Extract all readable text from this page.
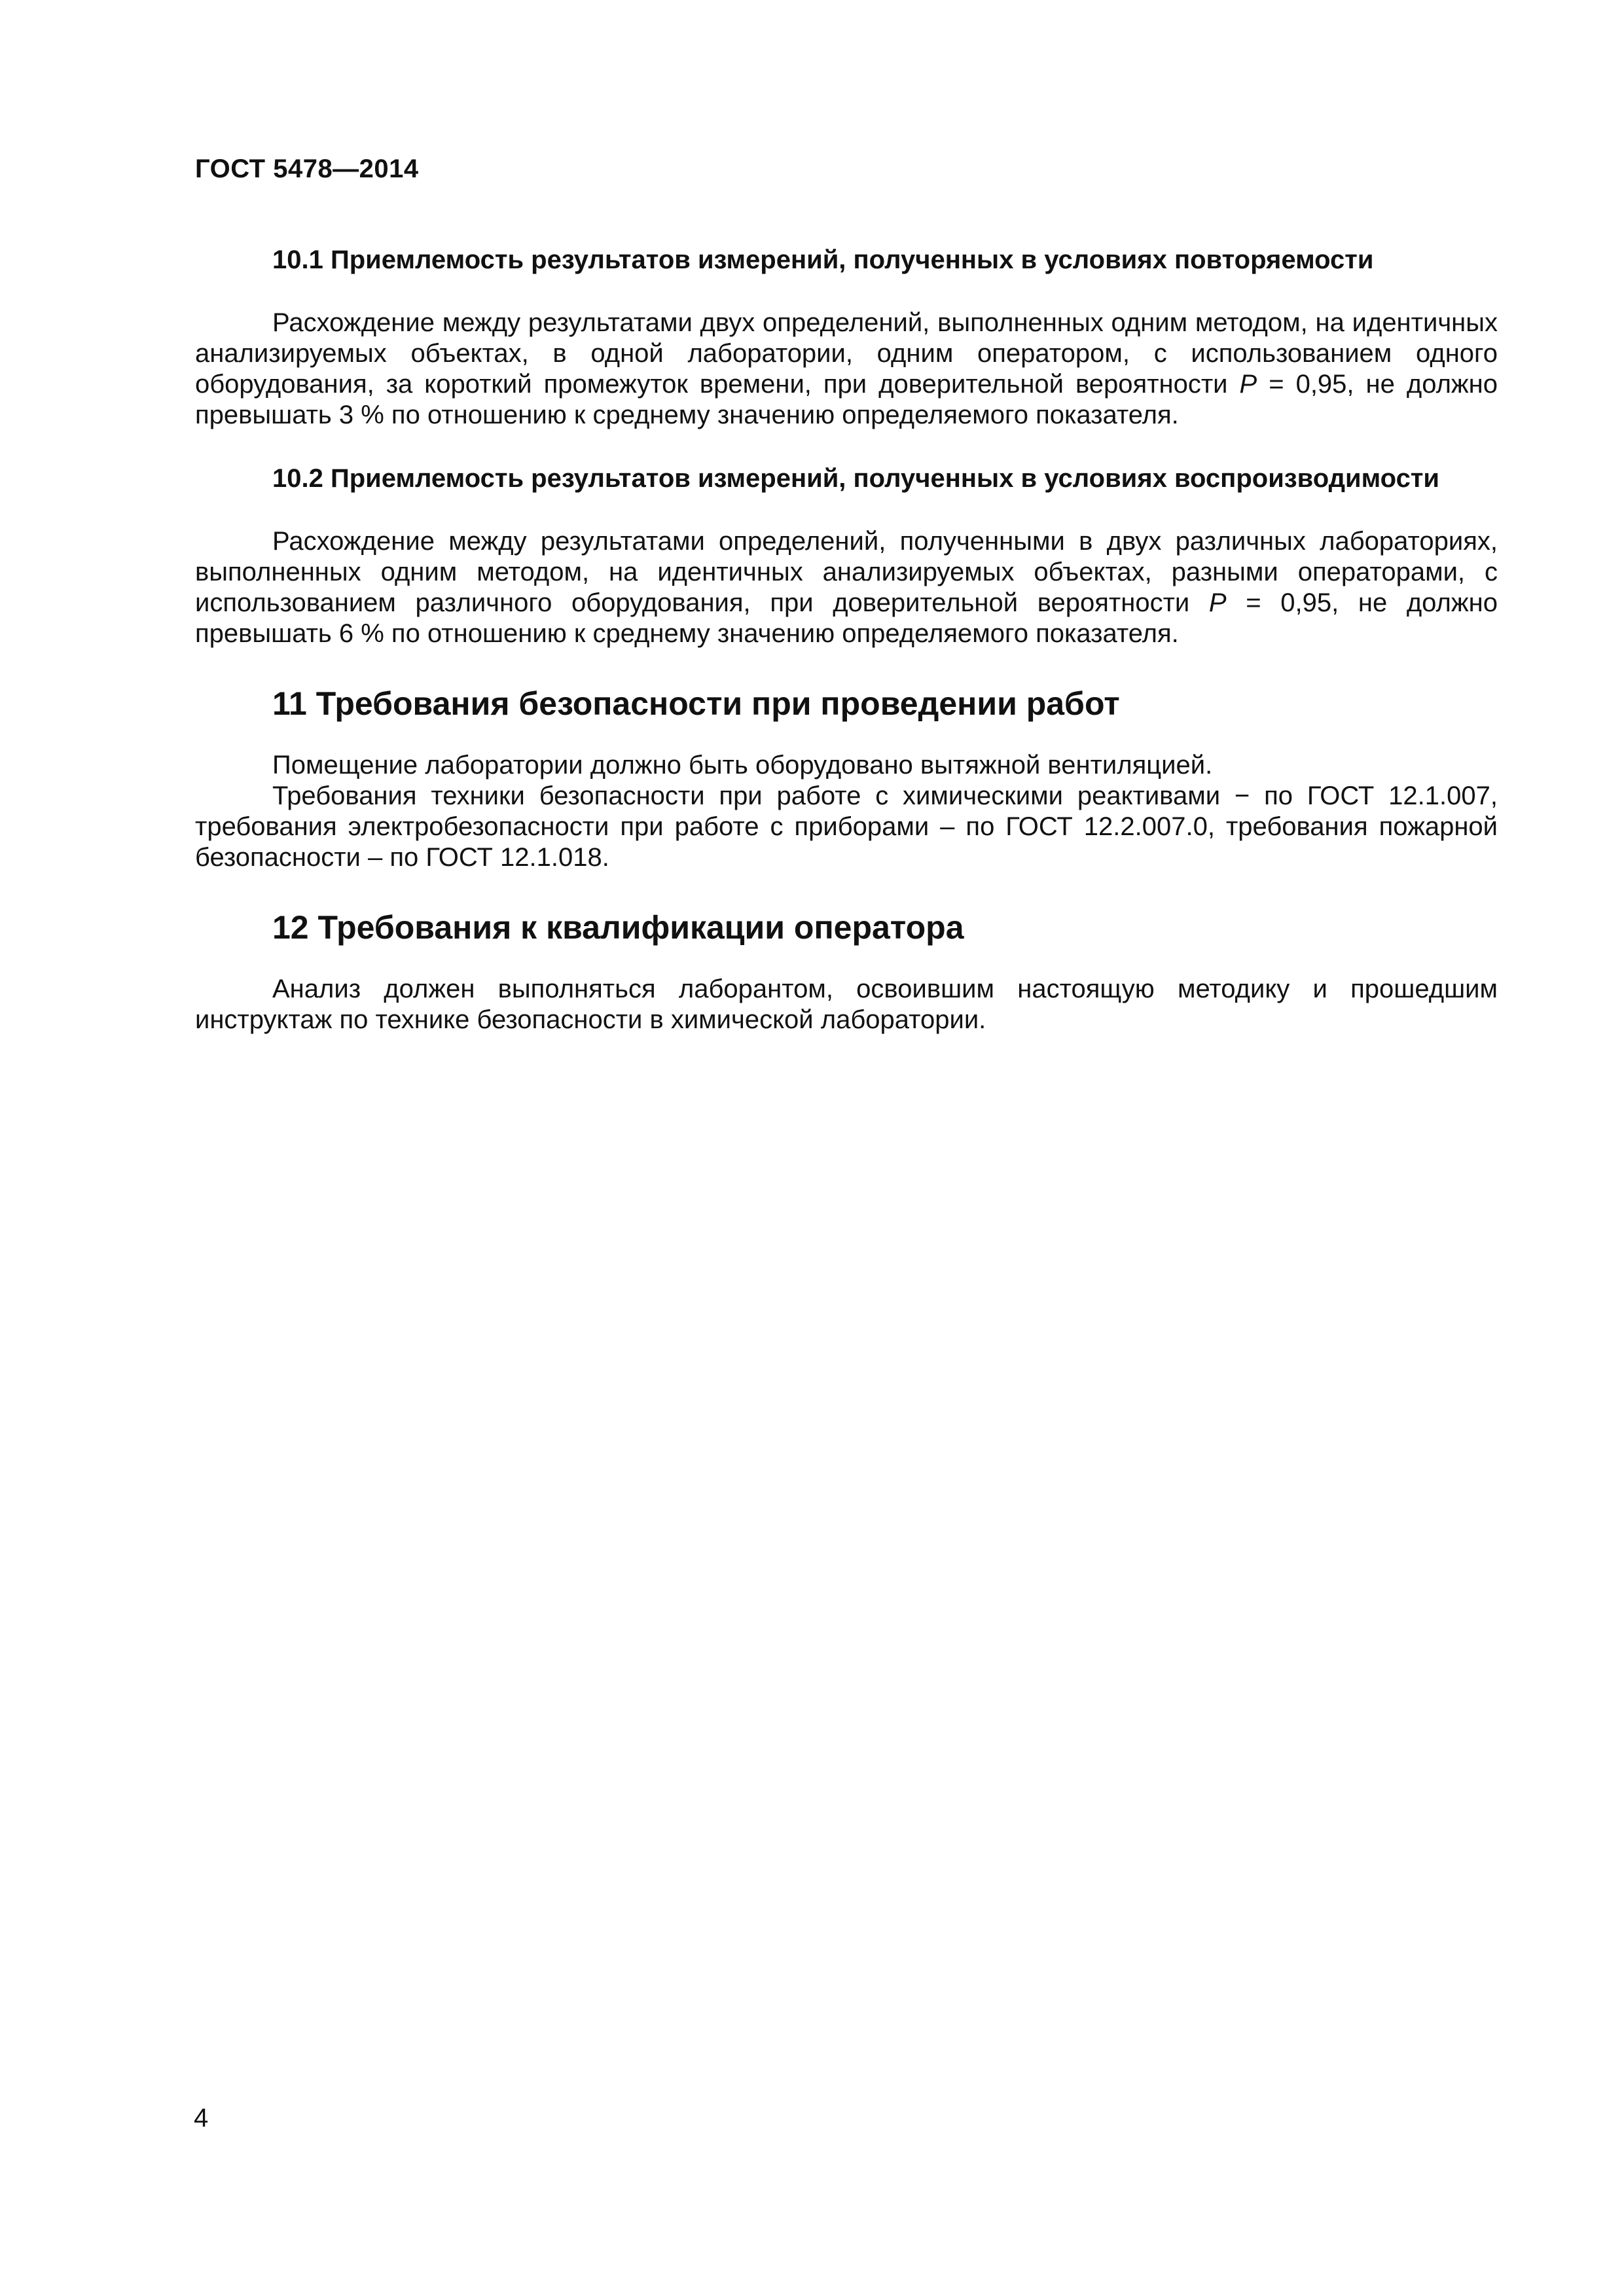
ГОСТ 5478—2014
10.1 Приемлемость результатов измерений, полученных в условиях повторяемости

Расхождение между результатами двух определений, выполненных одним методом, на идентичных анализируемых объектах, в одной лаборатории, одним оператором, с использованием одного оборудования, за короткий промежуток времени, при доверительной вероятности P = 0,95, не должно превышать 3 % по отношению к среднему значению определяемого показателя.

10.2 Приемлемость результатов измерений, полученных в условиях воспроизводимости

Расхождение между результатами определений, полученными в двух различных лабораториях, выполненных одним методом, на идентичных анализируемых объектах, разными операторами, с использованием различного оборудования, при доверительной вероятности P = 0,95, не должно превышать 6 % по отношению к среднему значению определяемого показателя.

11 Требования безопасности при проведении работ

Помещение лаборатории должно быть оборудовано вытяжной вентиляцией.

Требования техники безопасности при работе с химическими реактивами − по ГОСТ 12.1.007, требования электробезопасности при работе с приборами – по ГОСТ 12.2.007.0, требования пожарной безопасности – по ГОСТ 12.1.018.

12 Требования к квалификации оператора

Анализ должен выполняться лаборантом, освоившим настоящую методику и прошедшим инструктаж по технике безопасности в химической лаборатории.

4
